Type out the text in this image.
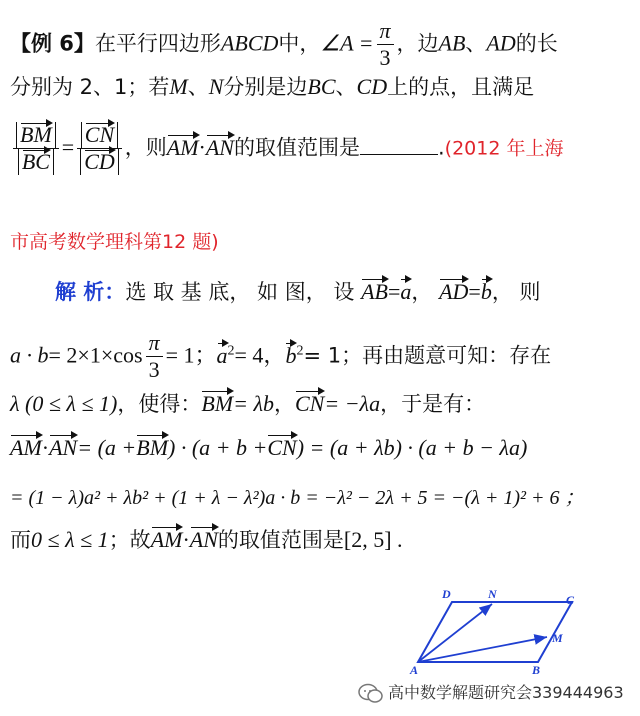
【例 6】在平行四边形ABCD中，∠A = $\frac{\pi}{3}$ ，边AB、AD的长
分别为 2、1；若M、N分别是边BC、CD上的点，且满足
$\frac{BM}{BC} = \frac{CN}{CD}$ ，则AM·AN的取值范围是	.(2012 年上海
市高考数学理科第12 题)
解 析：选 取 基 底， 如 图， 设 AB=a， AD=b， 则
$a \cdot b= 2\times 1\times\cos \frac{\pi}{3} = 1$；$a^2= 4$，$b^2= 1$；再由题意可知：存在
λ (0 ≤ λ ≤ 1)，使得：BM= λb，CN= −λa，于是有：
AM·AN= (a +BM) · (a + b +CN) = (a + λb) · (a + b − λa)
= (1 − λ)a² + λb² + (1 + λ − λ²)a · b = −λ² − 2λ + 5 = −(λ + 1)² + 6 ；
而0 ≤ λ ≤ 1；故AM·AN的取值范围是[2, 5] .
D	N	C
M
A	B
高中数学解题研究会339444963
